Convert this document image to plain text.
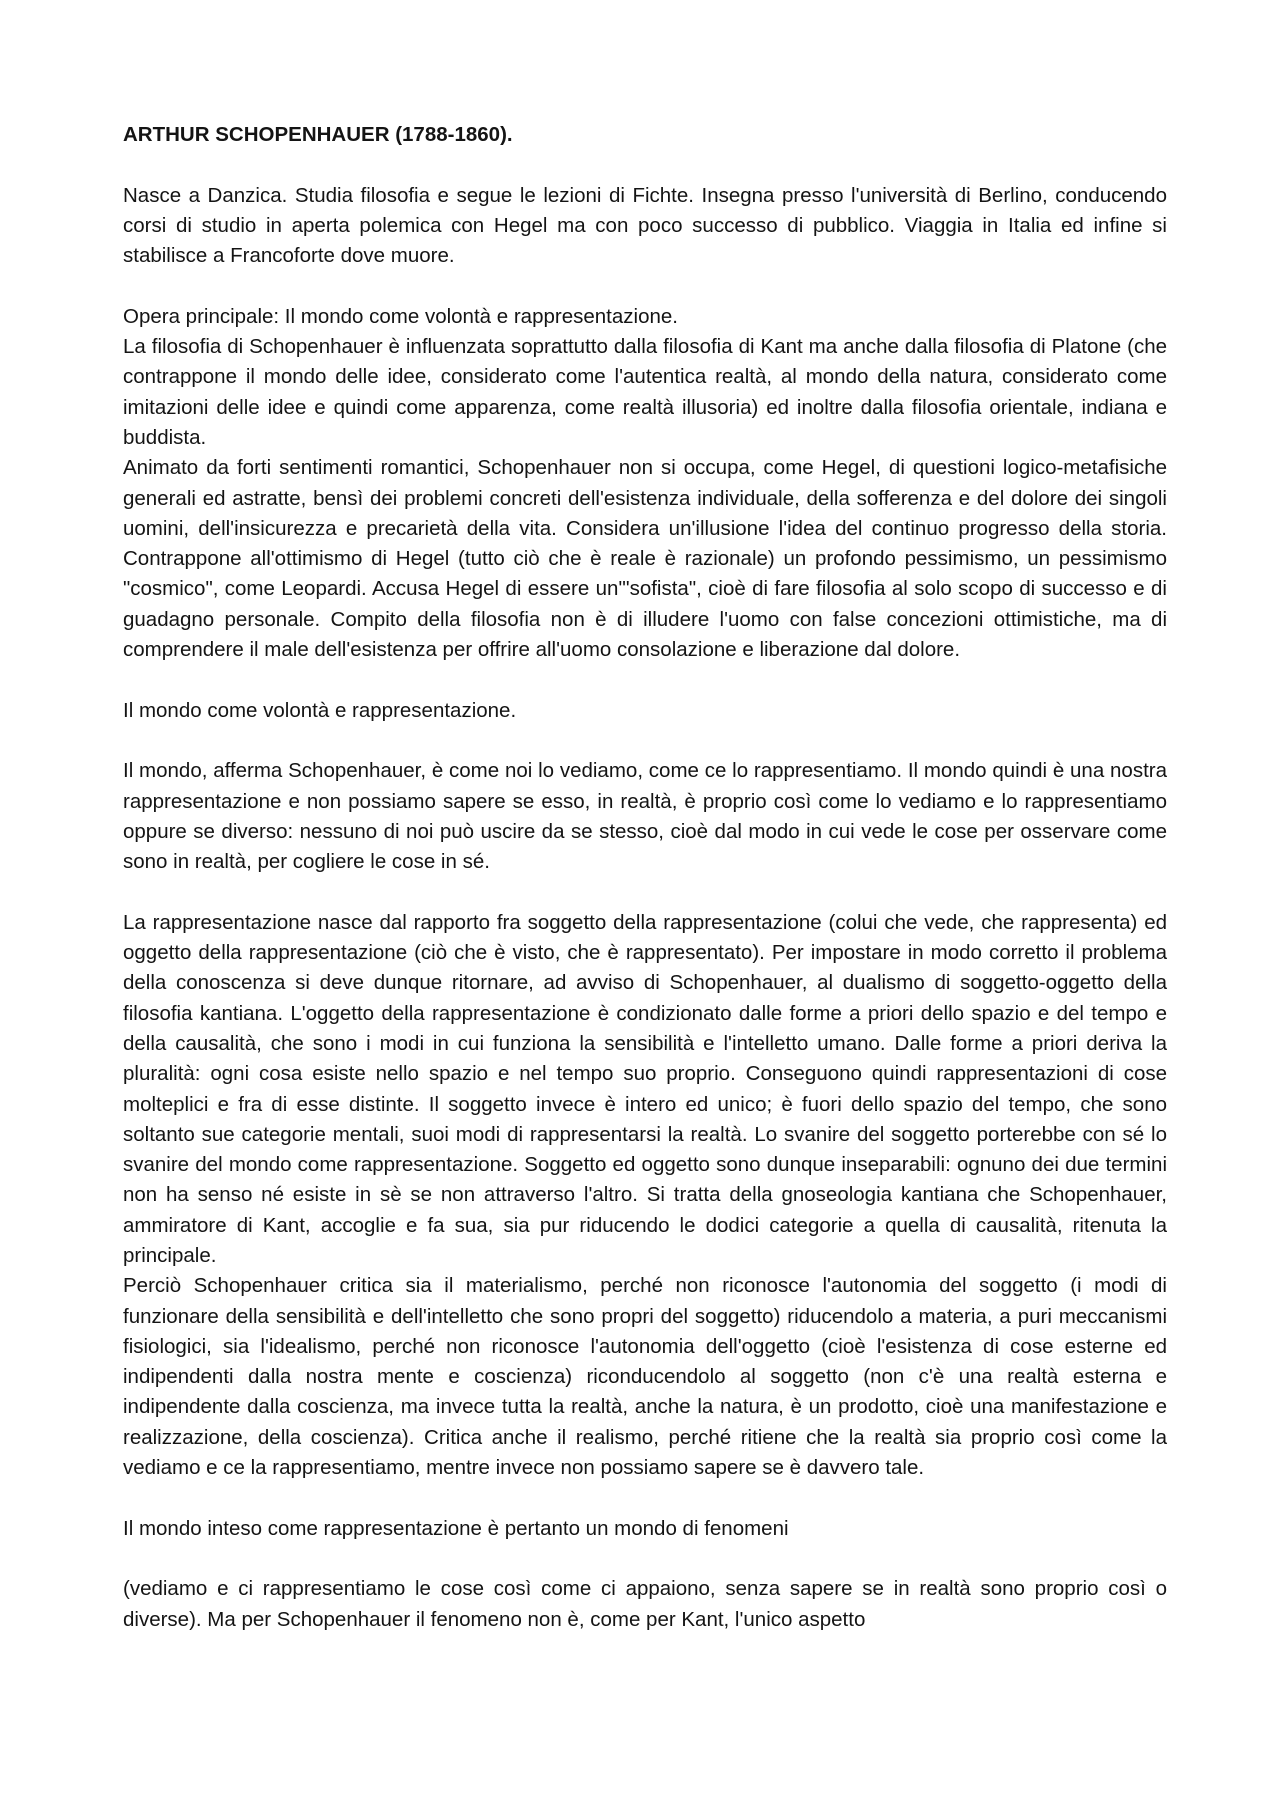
ARTHUR SCHOPENHAUER (1788-1860).

Nasce a Danzica. Studia filosofia e segue le lezioni di Fichte. Insegna presso l'università di Berlino, conducendo corsi di studio in aperta polemica con Hegel ma con poco successo di pubblico. Viaggia in Italia ed infine si stabilisce a Francoforte dove muore.

Opera principale: Il mondo come volontà e rappresentazione.

La filosofia di Schopenhauer è influenzata soprattutto dalla filosofia di Kant ma anche dalla filosofia di Platone (che contrappone il mondo delle idee, considerato come l'autentica realtà, al mondo della natura, considerato come imitazioni delle idee e quindi come apparenza, come realtà illusoria) ed inoltre dalla filosofia orientale, indiana e buddista.

Animato da forti sentimenti romantici, Schopenhauer non si occupa, come Hegel, di questioni logico-metafisiche generali ed astratte, bensì dei problemi concreti dell'esistenza individuale, della sofferenza e del dolore dei singoli uomini, dell'insicurezza e precarietà della vita. Considera un'illusione l'idea del continuo progresso della storia. Contrappone all'ottimismo di Hegel (tutto ciò che è reale è razionale) un profondo pessimismo, un pessimismo "cosmico", come Leopardi. Accusa Hegel di essere un'"sofista", cioè di fare filosofia al solo scopo di successo e di guadagno personale. Compito della filosofia non è di illudere l'uomo con false concezioni ottimistiche, ma di comprendere il male dell'esistenza per offrire all'uomo consolazione e liberazione dal dolore.

Il mondo come volontà e rappresentazione.

Il mondo, afferma Schopenhauer, è come noi lo vediamo, come ce lo rappresentiamo. Il mondo quindi è una nostra rappresentazione e non possiamo sapere se esso, in realtà, è proprio così come lo vediamo e lo rappresentiamo oppure se diverso: nessuno di noi può uscire da se stesso, cioè dal modo in cui vede le cose per osservare come sono in realtà, per cogliere le cose in sé.

La rappresentazione nasce dal rapporto fra soggetto della rappresentazione (colui che vede, che rappresenta) ed oggetto della rappresentazione (ciò che è visto, che è rappresentato). Per impostare in modo corretto il problema della conoscenza si deve dunque ritornare, ad avviso di Schopenhauer, al dualismo di soggetto-oggetto della filosofia kantiana. L'oggetto della rappresentazione è condizionato dalle forme a priori dello spazio e del tempo e della causalità, che sono i modi in cui funziona la sensibilità e l'intelletto umano. Dalle forme a priori deriva la pluralità: ogni cosa esiste nello spazio e nel tempo suo proprio. Conseguono quindi rappresentazioni di cose molteplici e fra di esse distinte. Il soggetto invece è intero ed unico; è fuori dello spazio del tempo, che sono soltanto sue categorie mentali, suoi modi di rappresentarsi la realtà. Lo svanire del soggetto porterebbe con sé lo svanire del mondo come rappresentazione. Soggetto ed oggetto sono dunque inseparabili: ognuno dei due termini non ha senso né esiste in sè se non attraverso l'altro. Si tratta della gnoseologia kantiana che Schopenhauer, ammiratore di Kant, accoglie e fa sua, sia pur riducendo le dodici categorie a quella di causalità, ritenuta la principale.

Perciò Schopenhauer critica sia il materialismo, perché non riconosce l'autonomia del soggetto (i modi di funzionare della sensibilità e dell'intelletto che sono propri del soggetto) riducendolo a materia, a puri meccanismi fisiologici, sia l'idealismo, perché non riconosce l'autonomia dell'oggetto (cioè l'esistenza di cose esterne ed indipendenti dalla nostra mente e coscienza) riconducendolo al soggetto (non c'è una realtà esterna e indipendente dalla coscienza, ma invece tutta la realtà, anche la natura, è un prodotto, cioè una manifestazione e realizzazione, della coscienza). Critica anche il realismo, perché ritiene che la realtà sia proprio così come la vediamo e ce la rappresentiamo, mentre invece non possiamo sapere se è davvero tale.

Il mondo inteso come rappresentazione è pertanto un mondo di fenomeni

(vediamo e ci rappresentiamo le cose così come ci appaiono, senza sapere se in realtà sono proprio così o diverse). Ma per Schopenhauer il fenomeno non è, come per Kant, l'unico aspetto
